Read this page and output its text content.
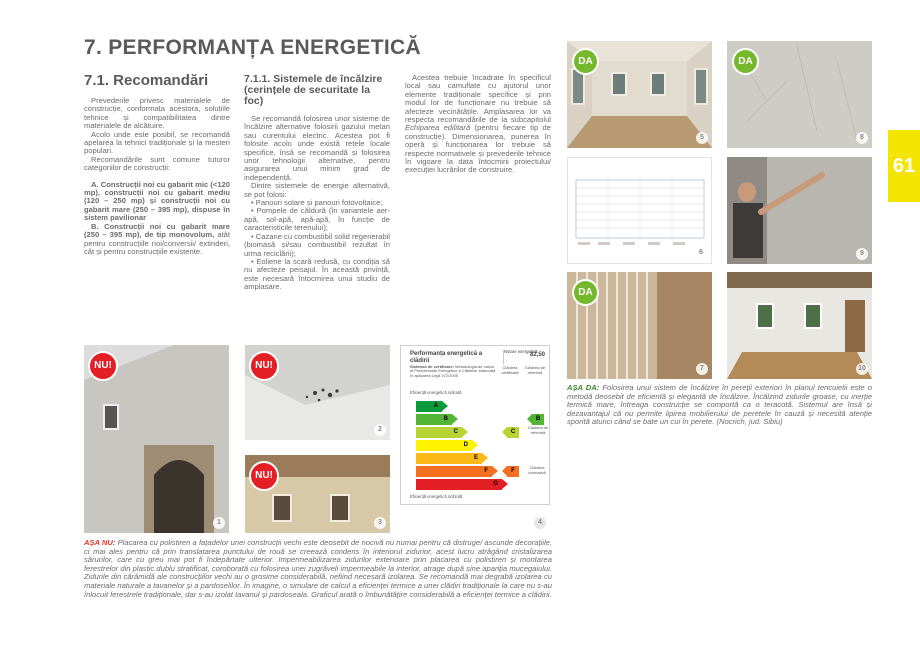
7. PERFORMANȚA ENERGETICĂ
61
7.1. Recomandări

Prevederile privesc materialele de construcție, conformața acestora, soluțiile tehnice și compatibilitatea dintre materialele de alcătuire.

Acolo unde este posibil, se recomandă apelarea la tehnici tradiționale și la meșteri populari.

Recomandările sunt comune tuturor categoriilor de construcții:

A. Construcții noi cu gabarit mic (<120 mp), construcții noi cu gabarit mediu (120 – 250 mp) și construcții noi cu gabarit mare (250 – 395 mp), dispuse în sistem pavilionar

B. Construcții noi cu gabarit mare (250 – 395 mp), de tip monovolum, atât pentru construcțiile noi/conversii/ extinderi, cât și pentru construcțiile existente.

7.1.1. Sistemele de încălzire (cerințele de securitate la foc)

Se recomandă folosirea unor sisteme de încălzire alternative folosirii gazului metan sau curentului electric. Acestea pot fi folosite acolo unde există rețele locale specifice, însă se recomandă și folosirea unor tehnologii alternative, pentru asigurarea unui minim grad de independență.

Dintre sistemele de energie alternativă, se pot folosi:

• Panouri solare și panouri fotovoltaice;

• Pompele de căldură (în variantele aer-apă, sol-apă, apă-apă, în funcție de caracteristicile terenului);

• Cazane cu combustibil solid regenerabil (biomasă și/sau combustibil rezultat în urma reciclării);

• Eoliene la scară redusă, cu condiția să nu afecteze peisajul. În această privință, este necesară întocmirea unui studiu de amplasare.

Acestea trebuie încadrate în specificul local sau camuflate cu ajutorul unor elemente tradiționale specifice și prin modul lor de funcționare nu trebuie să afecteze vecinătățile. Amplasarea lor va respecta recomandările de la subcapitolul Echiparea edilitară (pentru fiecare tip de construcție). Dimensionarea, punerea în operă și funcționarea lor trebuie să respecte normativele și prevederile tehnice în vigoare la data întocmirii proiectului/ execuției lucrărilor de construire.

DA
5
DA
8
6	9
DA
7	10
AȘA DA: Folosirea unui sistem de încălzire în pereții exteriori în planul tencuielii este o metodă deosebit de eficientă și elegantă de încălzire. Încălzind zidurile groase, cu inerție termică mare, întreaga construcție se comportă ca o teracotă. Sistemul are însă și dezavantajul că nu permite lipirea mobilierului de peretele în cauză și necesită atenție sporită atunci când se bate un cui în perete. (Nocrich, jud. Sibiu)
NU!
1
NU!
2
NU!
3
Performanța energetică a clădirii
Notare energetică:
82,50
Sistemul de certificare: Metodologia de calcul al Performanței Energetice a Clădirilor elaborată în aplicarea Legii 372/2005
Clădirea certificată
Clădirea de referință
Eficiență energetică ridicată
A
B
C
D
E
F
G
C
B
Clădirea de referință
F
Clădirea normativă
Eficiență energetică scăzută
4
AȘA NU: Placarea cu polistiren a fațadelor unei construcții vechi este deosebit de nocivă nu numai pentru că distruge/ ascunde decorațiile, ci mai ales pentru că prin translatarea punctului de rouă se creează condens în interiorul zidurior, acest lucru atrăgând cristalizarea sărurilor, care cu greu mai pot fi îndepărtate ulterior. Impermeabilizarea zidurilor exterioare prin placarea cu polistiren și montarea ferestrelor din plastic dublu stratificat, coroborată cu folosirea unei zugrăveli impermeabile la interior, atrage după sine apariția mucegaiului. Zidurile din cărămidă ale construcțiilor vechi au o grosime considerabilă, nefiind necesară izolarea. Se recomandă mai degrabă izolarea cu materiale naturale a tavanelor și a pardoselilor. În imagine, o simulare de calcul a eficienței termice a unei clădiri tradiționale la care nu s-au înlocuit ferestrele tradiționale, dar s-au izolat tavanul și pardoseala. Graficul arată o îmbunătățire considerabilă a eficienței termice a clădirii.
